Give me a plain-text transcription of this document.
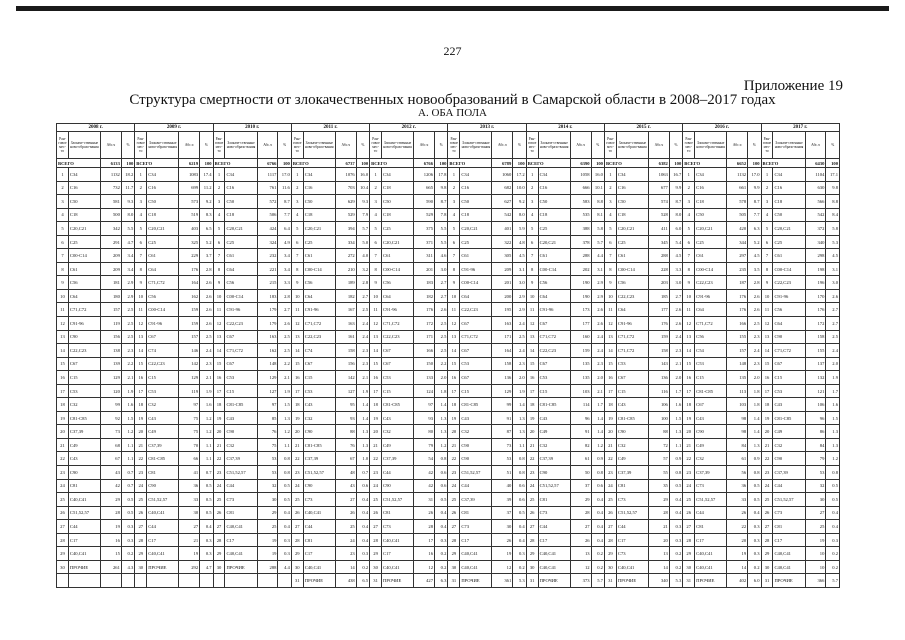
227
Приложение 19
Структура смертности от злокачественных новообразований в Самарской области в 2008–2017 годах
А. ОБА ПОЛА
2008 г.				2009 г.				2010 г.				2011 г.				2012 г.				2013 г.				2014 г.				2015 г.				2016 г.				2017 г.			
Ран-говое мес-то	Злокаче-ственные ново-образо-вания	Абс.ч	%	Ран-говое мес-то	Злокаче-ственные ново-образо-вания	Абс.ч	%	Ран-говое мес-то	Злокаче-ственные ново-образо-вания	Абс.ч	%	Ран-говое мес-то	Злокаче-ственные ново-образо-вания	Абс.ч	%	Ран-говое мес-то	Злокаче-ственные ново-образо-вания	Абс.ч	%	Ран-говое мес-то	Злокаче-ственные ново-образо-вания	Абс.ч	%	Ран-говое мес-то	Злокаче-ственные ново-образо-вания	Абс.ч	%	Ран-говое мес-то	Злокаче-ственные ново-образо-вания	Абс.ч	%	Ран-говое мес-то	Злокаче-ственные ново-образо-вания	Абс.ч	%	Ран-говое мес-то	Злокаче-ственные ново-образо-вания	Абс.ч	%
ВСЕГО		6133	100	ВСЕГО		6219	100	ВСЕГО		6766	100	ВСЕГО		6737	100	ВСЕГО		6766	100	ВСЕГО		6789	100	ВСЕГО		6390	100	ВСЕГО		6382	100	ВСЕГО		6652	100	ВСЕГО		6430	100
1	C34	1132	18.2	1	C34	1083	17.4	1	C34	1117	17.0	1	C34	1076	16.0	1	C34	1206	17.8	1	C34	1060	17.2	1	C34	1058	16.0	1	C34	1063	16.7	1	C34	1132	17.0	1	C34	1104	17.1
2	C16	732	11.7	2	C16	699	11.2	2	C16	761	11.6	2	C16	703	10.4	2	C18	665	9.8	2	C16	682	10.0	2	C16	666	10.1	2	C16	677	9.9	2	C16	661	9.9	2	C16	630	9.8
3	C50	581	9.3	3	C50	573	9.2	3	C50	572	8.7	3	C50	629	9.3	3	C50	590	8.7	3	C50	627	9.2	3	C50	583	8.8	3	C50	574	8.7	3	C18	578	8.7	3	C18	566	8.8
4	C18	500	8.0	4	C18	519	8.3	4	C18	506	7.7	4	C18	529	7.9	4	C18	529	7.8	4	C18	542	8.0	4	C18	535	8.1	4	C18	528	8.0	4	C50	505	7.7	4	C50	542	8.4
5	C20,C21	342	5.5	5	C20,C21	403	6.5	5	C20,C21	424	6.4	5	C20,C21	394	5.7	5	C25	375	5.5	5	C20,C21	401	5.9	5	C25	388	5.8	5	C20,C21	411	6.0	5	C20,C21	420	6.3	5	C20,C21	372	5.8
6	C25	291	4.7	6	C25	325	5.2	6	C25	324	4.9	6	C25	334	5.0	6	C20,C21	371	5.5	6	C25	322	4.8	6	C20,C21	378	5.7	6	C25	345	5.4	6	C25	344	5.2	6	C25	340	5.3
7	C00-C14	209	3.4	7	C61	229	3.7	7	C61	232	3.4	7	C61	272	4.0	7	C61	311	4.6	7	C61	305	4.5	7	C61	288	4.4	7	C61	288	4.5	7	C61	297	4.5	7	C61	298	4.5
8	C61	209	3.4	8	C64	176	2.8	8	C64	221	3.4	8	C00-C14	210	3.2	8	C00-C14	201	3.0	8	C91-96	209	3.1	8	C00-C14	202	3.1	8	C00-C14	228	3.3	8	C00-C14	235	3.5	8	C00-C14	198	3.1
9	C56	181	2.9	9	C71,C72	164	2.6	9	C56	215	3.3	9	C56	189	2.8	9	C56	183	2.7	9	C00-C14	201	3.0	9	C56	190	2.9	9	C56	203	3.0	9	C22,C23	187	2.8	9	C22,C23	196	3.0
10	C64	180	2.9	10	C56	162	2.6	10	C00-C14	183	2.8	10	C64	182	2.7	10	C64	182	2.7	10	C64	200	2.9	10	C64	190	2.9	10	C22,C23	185	2.7	10	C91-96	176	2.6	10	C91-96	170	2.6
11	C71,C72	157	2.5	11	C00-C14	159	2.6	11	C91-96	179	2.7	11	C91-96	167	2.5	11	C91-96	176	2.6	11	C22,C23	195	2.9	11	C91-96	173	2.6	11	C64	177	2.6	11	C64	176	2.6	11	C56	176	2.7
12	C91-96	119	2.5	12	C91-96	159	2.6	12	C22,C23	179	2.6	12	C71,C72	163	2.4	12	C71,C72	172	2.5	12	C67	163	2.4	12	C67	177	2.6	12	C91-96	176	2.6	12	C71,C72	166	2.5	12	C64	172	2.7
13	C90	156	2.5	13	C67	157	2.5	13	C67	163	2.5	13	C22,C23	161	2.4	13	C22,C23	171	2.5	13	C71,C72	171	2.5	13	C71,C72	160	2.4	13	C71,C72	159	2.4	13	C56	155	2.3	13	C90	158	2.5
14	C22,C23	138	2.3	14	C74	146	2.4	14	C71,C72	162	2.5	14	C74	158	2.3	14	C67	166	2.5	14	C67	164	2.4	14	C22,C23	159	2.4	14	C71,C72	158	2.3	14	C54	157	2.4	14	C71,C72	155	2.4
15	C67	139	2.2	15	C22,C23	142	2.3	15	C67	148	2.2	15	C67	156	2.3	15	C67	150	2.2	15	C53	158	2.3	15	C67	135	2.3	15	C53	143	2.1	15	C53	148	2.3	15	C67	137	2.0
16	C15	129	2.1	16	C15	129	2.1	16	C53	129	2.1	16	C15	142	2.1	16	C53	133	2.0	16	C67	136	2.0	16	C53	135	2.0	16	C67	136	2.0	16	C15	135	2.0	16	C15	132	1.9
17	C53	120	1.9	17	C53	119	1.9	17	C15	127	1.9	17	C53	127	1.9	17	C15	124	1.8	17	C15	129	1.9	17	C15	103	2.1	17	C15	116	1.7	17	C81-C85	113	1.8	17	C53	121	1.7
18	C32	99	1.6	18	C32	97	1.6	18	C81-C85	97	1.5	18	C43	95	1.4	18	C81-C85	97	1.4	18	C81-C85	99	1.4	18	C81-C85	114	1.7	18	C43	106	1.6	18	C67	103	1.8	18	C43	106	1.6
19	C81-C85	92	1.5	19	C43	75	1.2	19	C43	85	1.3	19	C32	93	1.4	19	C43	93	1.3	19	C43	91	1.3	19	C43	96	1.4	19	C81-C85	100	1.5	19	C43	98	1.4	19	C81-C85	96	1.5
20	C37,39	73	1.2	20	C49	75	1.2	20	C90	76	1.2	20	C90	88	1.3	20	C32	80	1.3	20	C32	87	1.3	20	C49	91	1.4	20	C90	88	1.3	20	C90	98	1.4	20	C49	86	1.3
21	C49	68	1.1	21	C37,39	70	1.1	21	C32	75	1.1	21	C81-C85	76	1.3	21	C49	79	1.2	21	C90	73	1.1	21	C32	82	1.2	21	C32	72	1.1	21	C49	84	1.3	21	C32	84	1.3
22	C43	67	1.1	22	C81-C85	66	1.1	22	C37,39	53	0.8	22	C37,39	67	1.0	22	C37,39	54	0.8	22	C90	53	0.8	22	C37,39	61	0.9	22	C49	57	0.9	22	C32	61	0.9	22	C90	79	1.2
23	C90	43	0.7	23	C81	41	0.7	23	C51,52,57	53	0.8	23	C51,52,57	48	0.7	23	C44	42	0.6	23	C51,52,57	51	0.8	23	C90	50	0.8	23	C37,39	55	0.8	23	C37,39	56	0.8	23	C37,39	53	0.8
24	C81	42	0.7	24	C90	36	0.5	24	C44	32	0.5	24	C90	43	0.6	24	C90	42	0.6	24	C44	40	0.6	24	C51,52,57	37	0.6	24	C81	35	0.5	24	C73	36	0.5	24	C44	32	0.5
25	C40,C41	29	0.5	25	C51,52,57	33	0.5	25	C73	30	0.5	25	C73	27	0.4	25	C51,52,57	31	0.5	25	C37,39	39	0.6	25	C81	29	0.4	25	C73	29	0.4	25	C51,52,57	33	0.5	25	C51,52,57	30	0.5
26	C51,52,57	28	0.5	26	C40,C41	30	0.5	26	C81	29	0.4	26	C40,C41	26	0.4	26	C81	26	0.4	26	C81	37	0.5	26	C73	28	0.4	26	C51,52,57	28	0.4	26	C44	26	0.4	26	C73	27	0.4
27	C44	19	0.3	27	C44	27	0.4	27	C40,C41	25	0.4	27	C44	25	0.4	27	C73	28	0.4	27	C73	30	0.4	27	C44	27	0.4	27	C44	21	0.3	27	C81	22	0.3	27	C81	25	0.4
28	C17	16	0.3	28	C17	21	0.3	28	C17	19	0.3	28	C81	24	0.4	28	C40,C41	17	0.3	28	C17	26	0.4	28	C17	26	0.4	28	C17	20	0.3	28	C17	20	0.3	28	C17	19	0.3
29	C40,C41	15	0.2	29	C40,C41	19	0.3	29	C40,C41	19	0.3	29	C17	23	0.3	29	C17	16	0.2	29	C40,C41	19	0.3	29	C40,C41	13	0.2	29	C73	13	0.2	29	C40,C41	19	0.3	29	C40,C41	10	0.2
30	ПРОЧИЕ	261	4.3	30	ПРОЧИЕ	292	4.7	30	ПРОЧИЕ	288	4.4	30	C40,C41	14	0.2	30	C40,C41	12	0.2	30	C40,C41	12	0.2	30	C40,C41	12	0.2	30	C40,C41	14	0.2	30	C40,C41	14	0.2	30	C40,C41	10	0.2
												31	ПРОЧИЕ	438	6.5	31	ПРОЧИЕ	427	6.3	31	ПРОЧИЕ	361	5.3	31	ПРОЧИЕ	373	5.7	31	ПРОЧИЕ	340	5.3	31	ПРОЧИЕ	402	6.0	31	ПРОЧИЕ	366	5.7
